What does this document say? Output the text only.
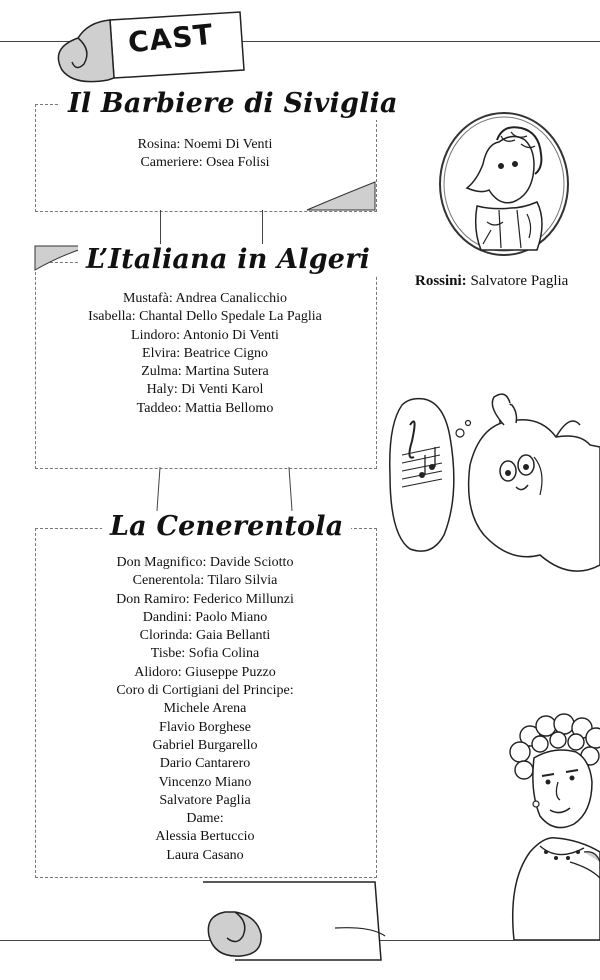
CAST
Il Barbiere di Siviglia
Rosina: Noemi Di Venti
Cameriere: Osea Folisi
L’Italiana in Algeri
Mustafà: Andrea Canalicchio
Isabella: Chantal Dello Spedale La Paglia
Lindoro: Antonio Di Venti
Elvira: Beatrice Cigno
Zulma: Martina Sutera
Haly: Di Venti Karol
Taddeo: Mattia Bellomo
La Cenerentola
Don Magnifico: Davide Sciotto
Cenerentola: Tilaro Silvia
Don Ramiro: Federico Millunzi
Dandini: Paolo Miano
Clorinda: Gaia Bellanti
Tisbe: Sofia Colina
Alidoro: Giuseppe Puzzo
Coro di Cortigiani del Principe:
Michele Arena
Flavio Borghese
Gabriel Burgarello
Dario Cantarero
Vincenzo Miano
Salvatore Paglia
Dame:
Alessia Bertuccio
Laura Casano
Rossini: Salvatore Paglia
